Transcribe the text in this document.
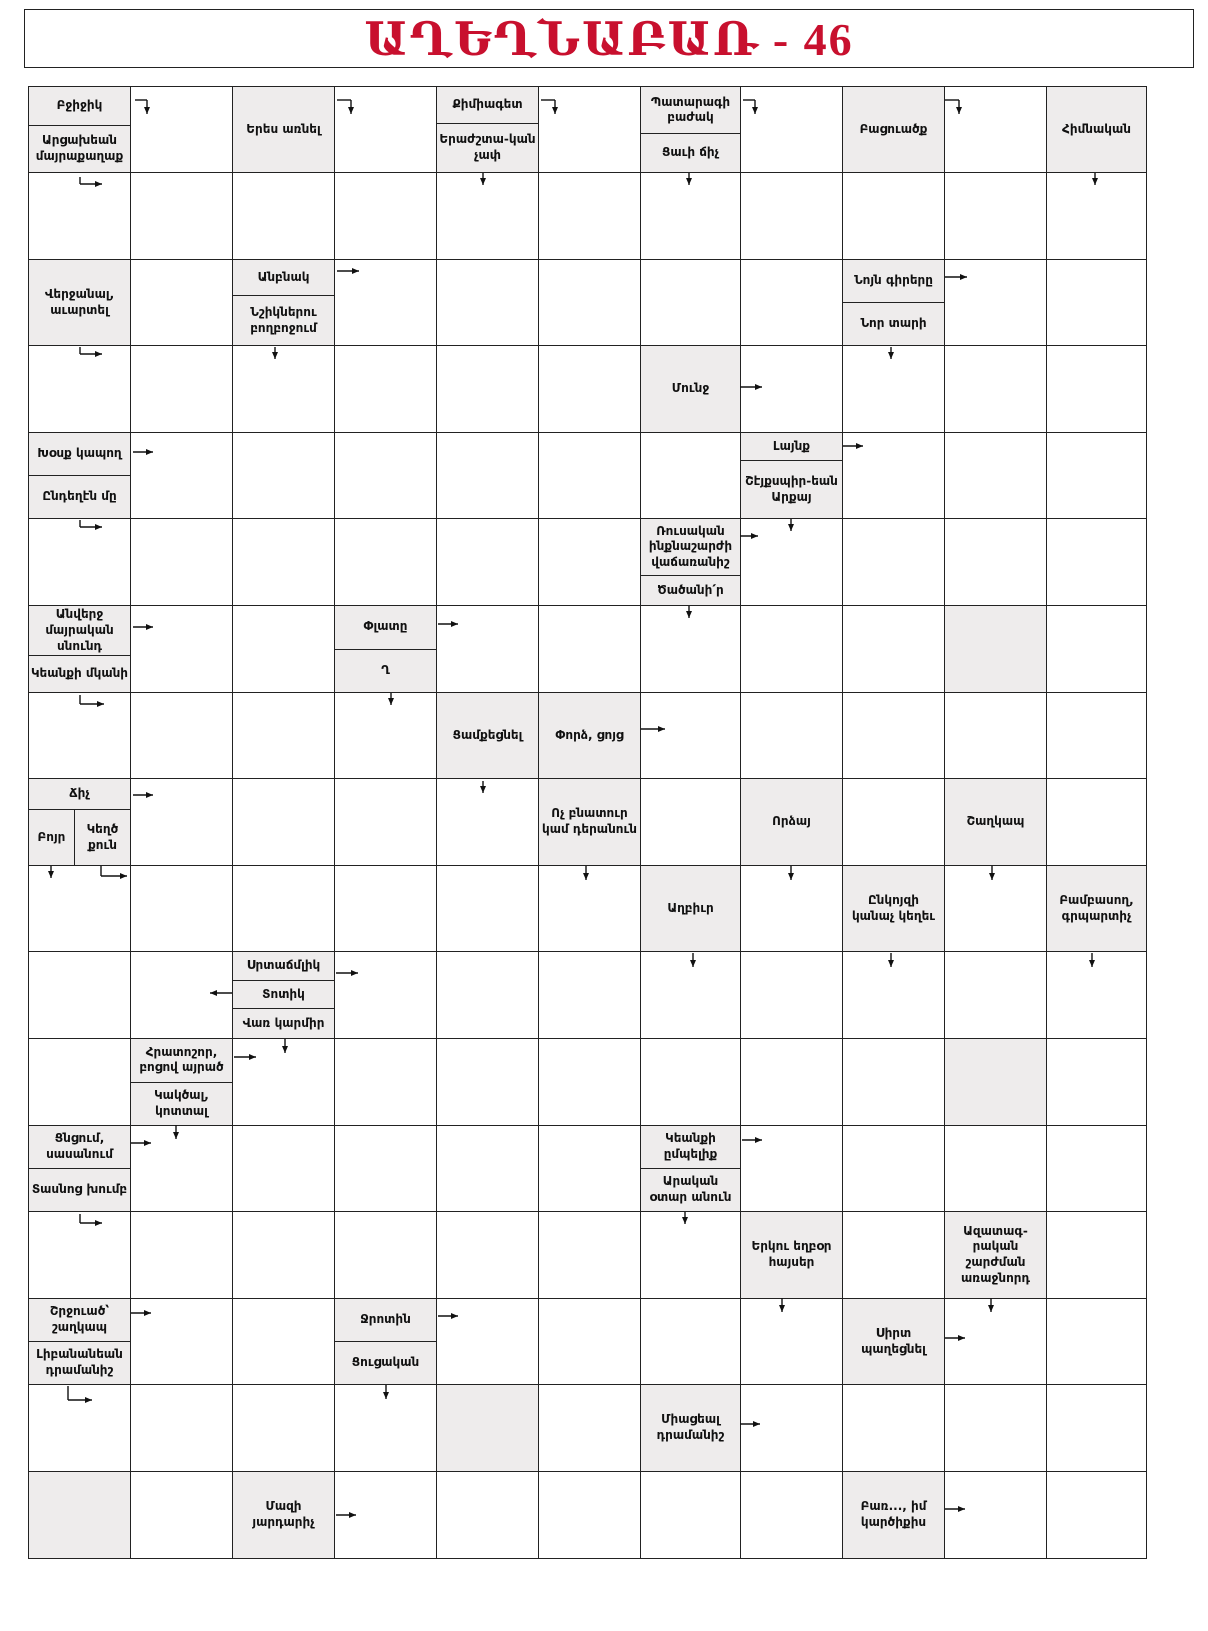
ԱՂԵՂՆԱԲԱՌ - 46
Բջիջիկ
Արցախեան մայրաքաղաք
Երես առնել
Քիմիագետ
Երաժշտա-կան չափ
Պատարագի բաժակ
Ցաւի ճիչ
Բացուածք	Հիմնական
Վերջանալ, աւարտել
Անբնակ
Նշիկներու բողբոջում
Նոյն գիրերը
Նոր տարի
Մունջ
Խօսք կապող
Ընդեղէն մը
Լայնք
Շէյքսպիր-եան Արքայ
Ռուսական ինքնաշարժի վաճառանիշ
Ծածանի՛ր
Անվերջ մայրական սնունդ
Կեանքի մկանի
Փլատը
Ղ
Ցամքեցնել	Փորձ, ցոյց
Ճիչ
Բոյր
Կեղծ քուն
Ոչ բնատուր կամ դերանուն
Որձայ	Շաղկապ
Աղբիւր
Ընկոյզի կանաչ կեղեւ
Բամբասող, գրպարտիչ
Սրտաճմլիկ
Տոտիկ
Վառ կարմիր
Հրատոշոր, բոցով այրած
Կակծալ, կոտտալ
Ցնցում, սասանում
Տասնոց խումբ
Կեանքի ըմպելիք
Արական օտար անուն
Երկու եղբօր հայսեր
Ազատագ-րական շարժման առաջնորդ
Շրջուած՝ շաղկապ
Լիբանանեան դրամանիշ
Ջրոտին
Ցուցական
Սիրտ պաղեցնել
Միացեալ դրամանիշ
Մազի յարդարիչ
Բառ..., իմ կարծիքիս
